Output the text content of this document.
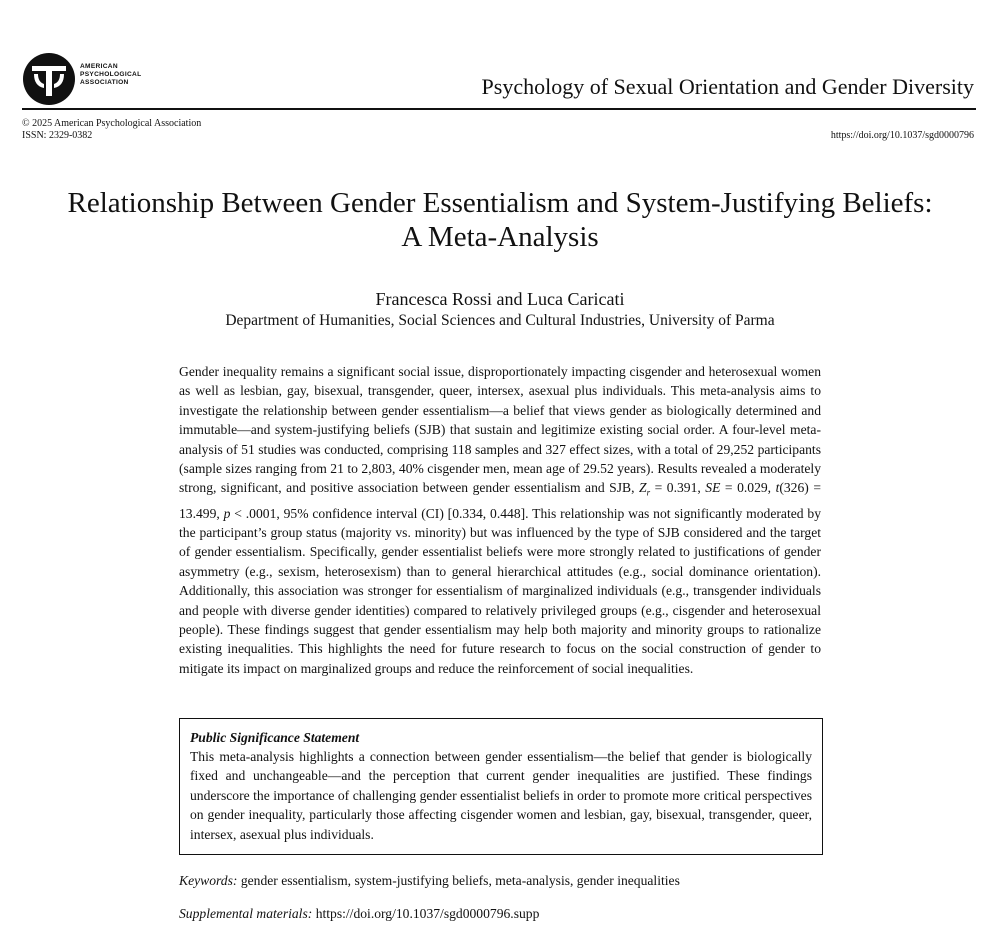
AMERICAN
PSYCHOLOGICAL
ASSOCIATION	Psychology of Sexual Orientation and Gender Diversity
© 2025 American Psychological Association
ISSN: 2329-0382	https://doi.org/10.1037/sgd0000796
Relationship Between Gender Essentialism and System-Justifying Beliefs: A Meta-Analysis
Francesca Rossi and Luca Caricati
Department of Humanities, Social Sciences and Cultural Industries, University of Parma

Gender inequality remains a significant social issue, disproportionately impacting cisgender and heterosexual women as well as lesbian, gay, bisexual, transgender, queer, intersex, asexual plus individuals. This meta-analysis aims to investigate the relationship between gender essentialism—a belief that views gender as biologically determined and immutable—and system-justifying beliefs (SJB) that sustain and legitimize existing social order. A four-level meta-analysis of 51 studies was conducted, comprising 118 samples and 327 effect sizes, with a total of 29,252 participants (sample sizes ranging from 21 to 2,803, 40% cisgender men, mean age of 29.52 years). Results revealed a moderately strong, significant, and positive association between gender essentialism and SJB, $Z_r = 0.391$, SE = 0.029, t(326) = 13.499, p < .0001, 95% confidence interval (CI) [0.334, 0.448]. This relationship was not significantly moderated by the participant’s group status (majority vs. minority) but was influenced by the type of SJB considered and the target of gender essentialism. Specifically, gender essentialist beliefs were more strongly related to justifications of gender asymmetry (e.g., sexism, heterosexism) than to general hierarchical attitudes (e.g., social dominance orientation). Additionally, this association was stronger for essentialism of marginalized individuals (e.g., transgender individuals and people with diverse gender identities) compared to relatively privileged groups (e.g., cisgender and heterosexual people). These findings suggest that gender essentialism may help both majority and minority groups to rationalize existing inequalities. This highlights the need for future research to focus on the social construction of gender to mitigate its impact on marginalized groups and reduce the reinforcement of social inequalities.

Public Significance Statement

This meta-analysis highlights a connection between gender essentialism—the belief that gender is biologically fixed and unchangeable—and the perception that current gender inequalities are justified. These findings underscore the importance of challenging gender essentialist beliefs in order to promote more critical perspectives on gender inequality, particularly those affecting cisgender women and lesbian, gay, bisexual, transgender, queer, intersex, asexual plus individuals.

Keywords: gender essentialism, system-justifying beliefs, meta-analysis, gender inequalities
Supplemental materials: https://doi.org/10.1037/sgd0000796.supp
